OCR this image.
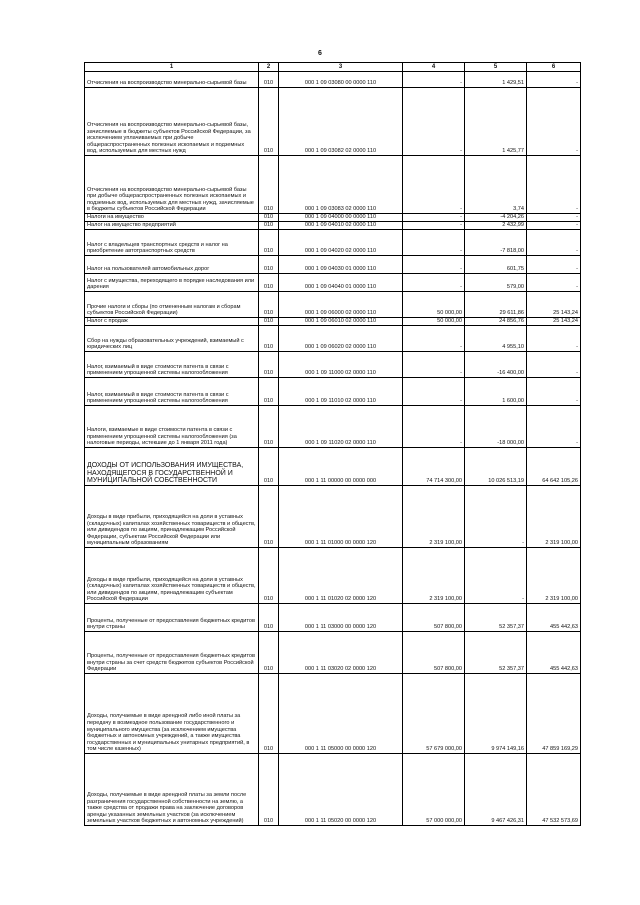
6
1	2	3	4	5	6
Отчисления на воспроизводство минерально-сырьевой базы	010	000 1 09 03080 00 0000 110	-	1 429,51	-
Отчисления на воспроизводство минерально-сырьевой базы, зачисляемые в бюджеты субъектов Российской Федерации, за исключением уплачиваемых при добыче общераспространенных полезных ископаемых и подземных вод, используемых для местных нужд	010	000 1 09 03082 02 0000 110	-	1 425,77	-
Отчисления на воспроизводство минерально-сырьевой базы при добыче общераспространенных полезных ископаемых и подземных вод, используемых для местных нужд, зачисляемые в бюджеты субъектов Российской Федерации	010	000 1 09 03083 02 0000 110	-	3,74	-
Налоги на имущество	010	000 1 09 04000 00 0000 110	-	-4 204,26	-
Налог на имущество предприятий	010	000 1 09 04010 02 0000 110	-	2 432,99	-
Налог с владельцев транспортных средств и налог на приобретение автотранспортных средств	010	000 1 09 04020 02 0000 110	-	-7 818,00	-
Налог на пользователей автомобильных дорог	010	000 1 09 04030 01 0000 110	-	601,75	-
Налог с имущества, переходящего в порядке наследования или дарения	010	000 1 09 04040 01 0000 110	-	579,00	-
Прочие налоги и сборы (по отмененным налогам и сборам субъектов Российской Федерации)	010	000 1 09 06000 02 0000 110	50 000,00	29 611,86	25 143,24
Налог с продаж	010	000 1 09 06010 02 0000 110	50 000,00	24 856,76	25 143,24
Сбор на нужды образовательных учреждений, взимаемый с юридических лиц	010	000 1 09 06020 02 0000 110	-	4 955,10	-
Налог, взимаемый в виде стоимости патента в связи с применением упрощенной системы налогообложения	010	000 1 09 11000 02 0000 110	-	-16 400,00	-
Налог, взимаемый в виде стоимости патента в связи с применением упрощенной системы налогообложения	010	000 1 09 11010 02 0000 110	-	1 600,00	-
Налоги, взимаемые в виде стоимости патента в связи с применением упрощенной системы налогообложения (за налоговые периоды, истекшие до 1 января 2011 года)	010	000 1 09 11020 02 0000 110	-	-18 000,00	-
ДОХОДЫ ОТ ИСПОЛЬЗОВАНИЯ ИМУЩЕСТВА, НАХОДЯЩЕГОСЯ В ГОСУДАРСТВЕННОЙ И МУНИЦИПАЛЬНОЙ СОБСТВЕННОСТИ	010	000 1 11 00000 00 0000 000	74 714 300,00	10 026 513,19	64 642 105,26
Доходы в виде прибыли, приходящейся на доли в уставных (складочных) капиталах хозяйственных товариществ и обществ, или дивидендов по акциям, принадлежащим Российской Федерации, субъектам Российской Федерации или муниципальным образованиям	010	000 1 11 01000 00 0000 120	2 319 100,00	-	2 319 100,00
Доходы в виде прибыли, приходящейся на доли в уставных (складочных) капиталах хозяйственных товариществ и обществ, или дивидендов по акциям, принадлежащим субъектам Российской Федерации	010	000 1 11 01020 02 0000 120	2 319 100,00	-	2 319 100,00
Проценты, полученные от предоставления бюджетных кредитов внутри страны	010	000 1 11 03000 00 0000 120	507 800,00	52 357,37	455 442,63
Проценты, полученные от предоставления бюджетных кредитов внутри страны за счет средств бюджетов субъектов Российской Федерации	010	000 1 11 03020 02 0000 120	507 800,00	52 357,37	455 442,63
Доходы, получаемые в виде арендной либо иной платы за передачу в возмездное пользование государственного и муниципального имущества (за исключением имущества бюджетных и автономных учреждений, а также имущества государственных и муниципальных унитарных предприятий, в том числе казенных)	010	000 1 11 05000 00 0000 120	57 679 000,00	9 974 149,16	47 859 169,29
Доходы, получаемые в виде арендной платы за земли после разграничения государственной собственности на землю, а также средства от продажи права на заключение договоров аренды указанных земельных участков (за исключением земельных участков бюджетных и автономных учреждений)	010	000 1 11 05020 00 0000 120	57 000 000,00	9 467 426,31	47 532 573,69
